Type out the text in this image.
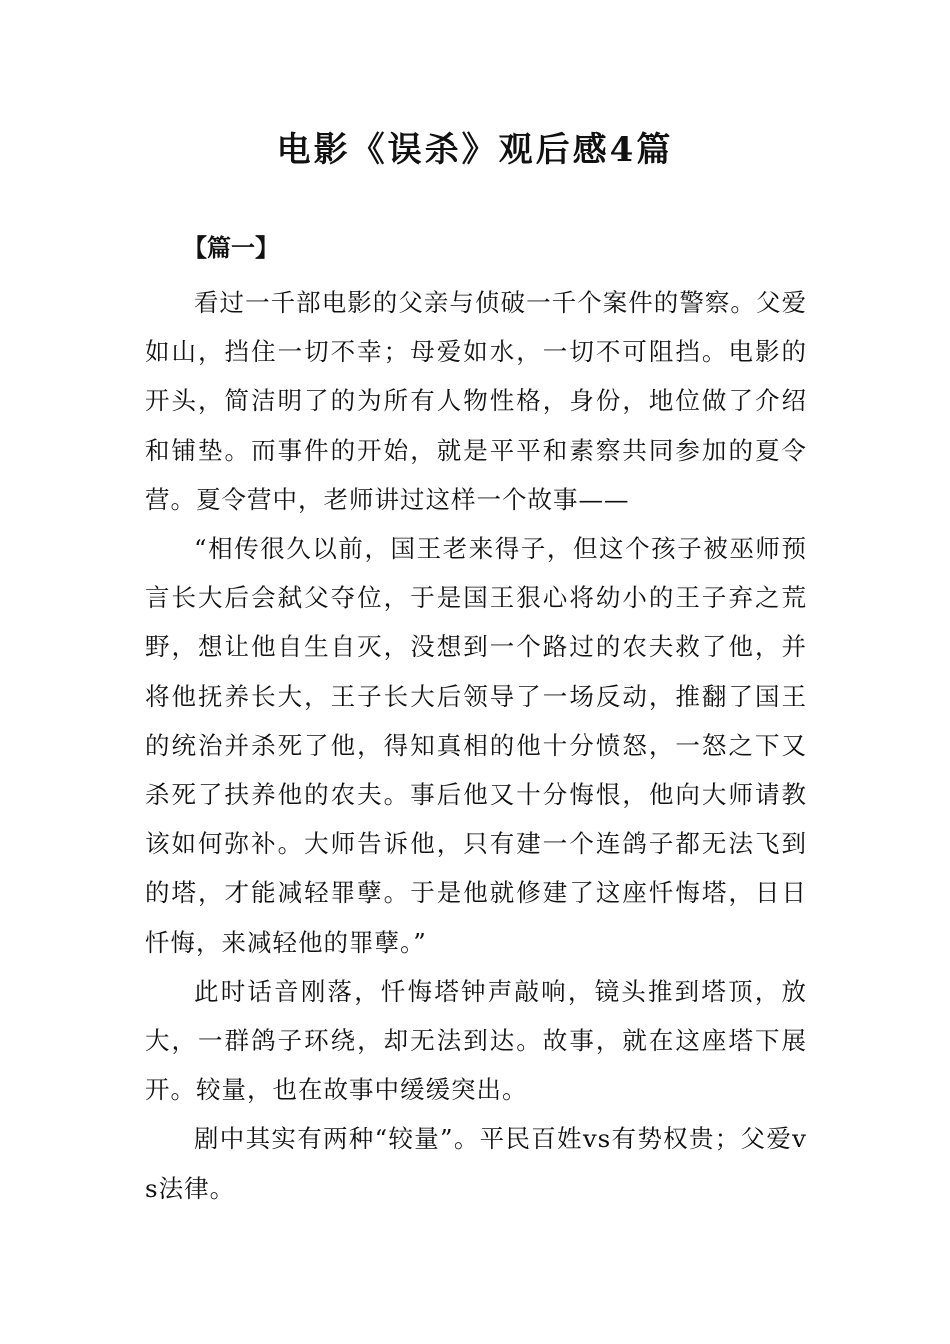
电影《误杀》观后感4篇
【篇一】

看过一千部电影的父亲与侦破一千个案件的警察。父爱如山，挡住一切不幸；母爱如水，一切不可阻挡。电影的开头，简洁明了的为所有人物性格，身份，地位做了介绍和铺垫。而事件的开始，就是平平和素察共同参加的夏令营。夏令营中，老师讲过这样一个故事——

“相传很久以前，国王老来得子，但这个孩子被巫师预言长大后会弑父夺位，于是国王狠心将幼小的王子弃之荒野，想让他自生自灭，没想到一个路过的农夫救了他，并将他抚养长大，王子长大后领导了一场反动，推翻了国王的统治并杀死了他，得知真相的他十分愤怒，一怒之下又杀死了扶养他的农夫。事后他又十分悔恨，他向大师请教该如何弥补。大师告诉他，只有建一个连鸽子都无法飞到的塔，才能减轻罪孽。于是他就修建了这座忏悔塔，日日忏悔，来减轻他的罪孽。”

此时话音刚落，忏悔塔钟声敲响，镜头推到塔顶，放大，一群鸽子环绕，却无法到达。故事，就在这座塔下展开。较量，也在故事中缓缓突出。

剧中其实有两种“较量”。平民百姓vs有势权贵；父爱vs法律。
